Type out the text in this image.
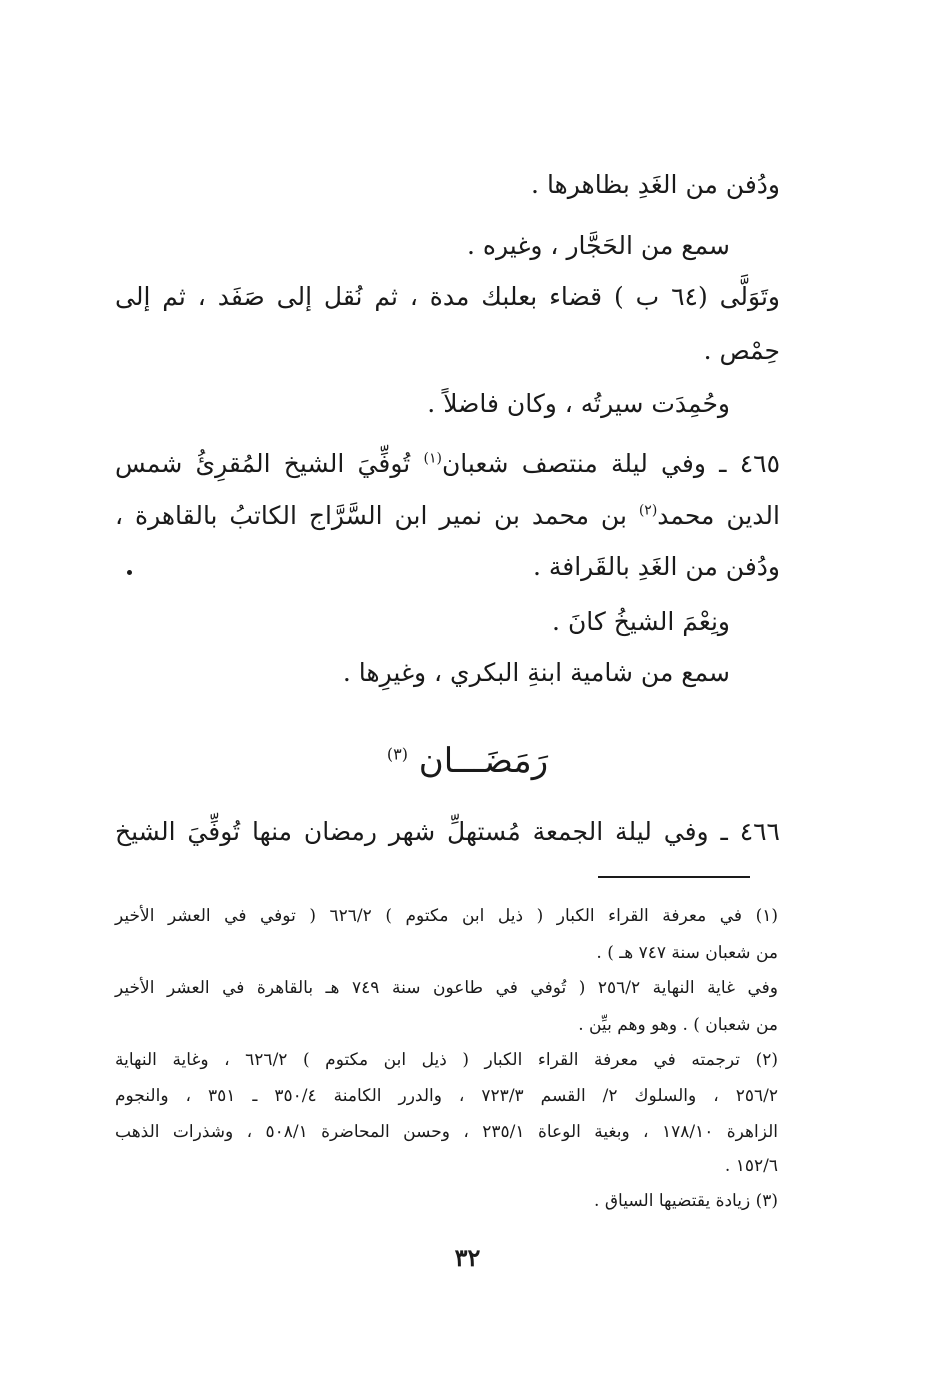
ودُفن من الغَدِ بظاهرها .
سمع من الحَجَّار ، وغيره .
وتَوَلَّى (٦٤ ب ) قضاء بعلبك مدة ، ثم نُقل إلى صَفَد ، ثم إلى
حِمْص .
وحُمِدَت سيرتُه ، وكان فاضلاً .
٤٦٥ ـ وفي ليلة منتصف شعبان$^{(١)}$ تُوفِّيَ الشيخ المُقرِئُ شمس
الدين محمد$^{(٢)}$ بن محمد بن نمير ابن السَّرَّاج الكاتبُ بالقاهرة ،
ودُفن من الغَدِ بالقَرافة .
ونِعْمَ الشيخُ كانَ .
سمع من شامية ابنةِ البكري ، وغيرِها .
رَمَضَـــان $^{(٣)}$
٤٦٦ ـ وفي ليلة الجمعة مُستهلِّ شهر رمضان منها تُوفِّيَ الشيخ
(١) في معرفة القراء الكبار ( ذيل ابن مكتوم ) ٦٢٦/٢ ( توفي في العشر الأخير
من شعبان سنة ٧٤٧ هـ ) .
وفي غاية النهاية ٢٥٦/٢ ( تُوفي في طاعون سنة ٧٤٩ هـ بالقاهرة في العشر الأخير
من شعبان ) . وهو وهم بيِّن .
(٢) ترجمته في معرفة القراء الكبار ( ذيل ابن مكتوم ) ٦٢٦/٢ ، وغاية النهاية
٢٥٦/٢ ، والسلوك ٢/ القسم ٧٢٣/٣ ، والدرر الكامنة ٣٥٠/٤ ـ ٣٥١ ، والنجوم
الزاهرة ١٧٨/١٠ ، وبغية الوعاة ٢٣٥/١ ، وحسن المحاضرة ٥٠٨/١ ، وشذرات الذهب
١٥٢/٦ .
(٣) زيادة يقتضيها السياق .
٣٢
